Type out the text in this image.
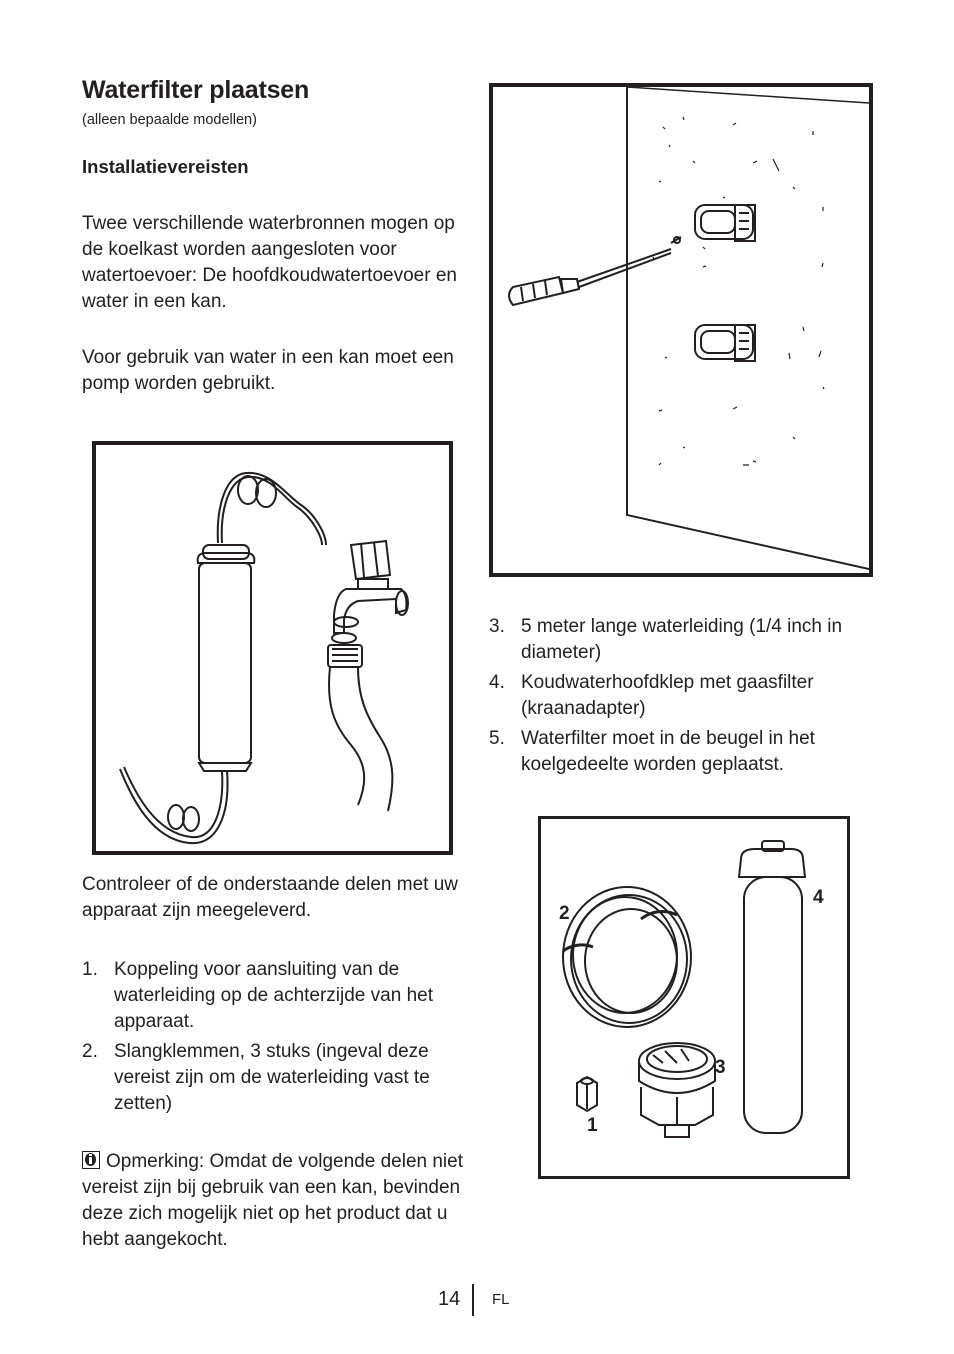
Waterfilter plaatsen
(alleen bepaalde modellen)
Installatievereisten

Twee verschillende waterbronnen mogen op de koelkast worden aangesloten voor watertoevoer: De hoofdkoudwatertoevoer en water in een kan.

Voor gebruik van water in een kan moet een pomp worden gebruikt.

Controleer of de onderstaande delen met uw apparaat zijn meegeleverd.

1. Koppeling voor aansluiting van de waterleiding op de achterzijde van het apparaat.
2. Slangklemmen, 3 stuks (ingeval deze vereist zijn om de waterleiding vast te zetten)
Opmerking: Omdat de volgende delen niet vereist zijn bij gebruik van een kan, bevinden deze zich mogelijk niet op het product dat u hebt aangekocht.
3. 5 meter lange waterleiding (1/4 inch in diameter)
4. Koudwaterhoofdklep met gaasfilter (kraanadapter)
5. Waterfilter moet in de beugel in het koelgedeelte worden geplaatst.
1
2
3
4
14 FL
